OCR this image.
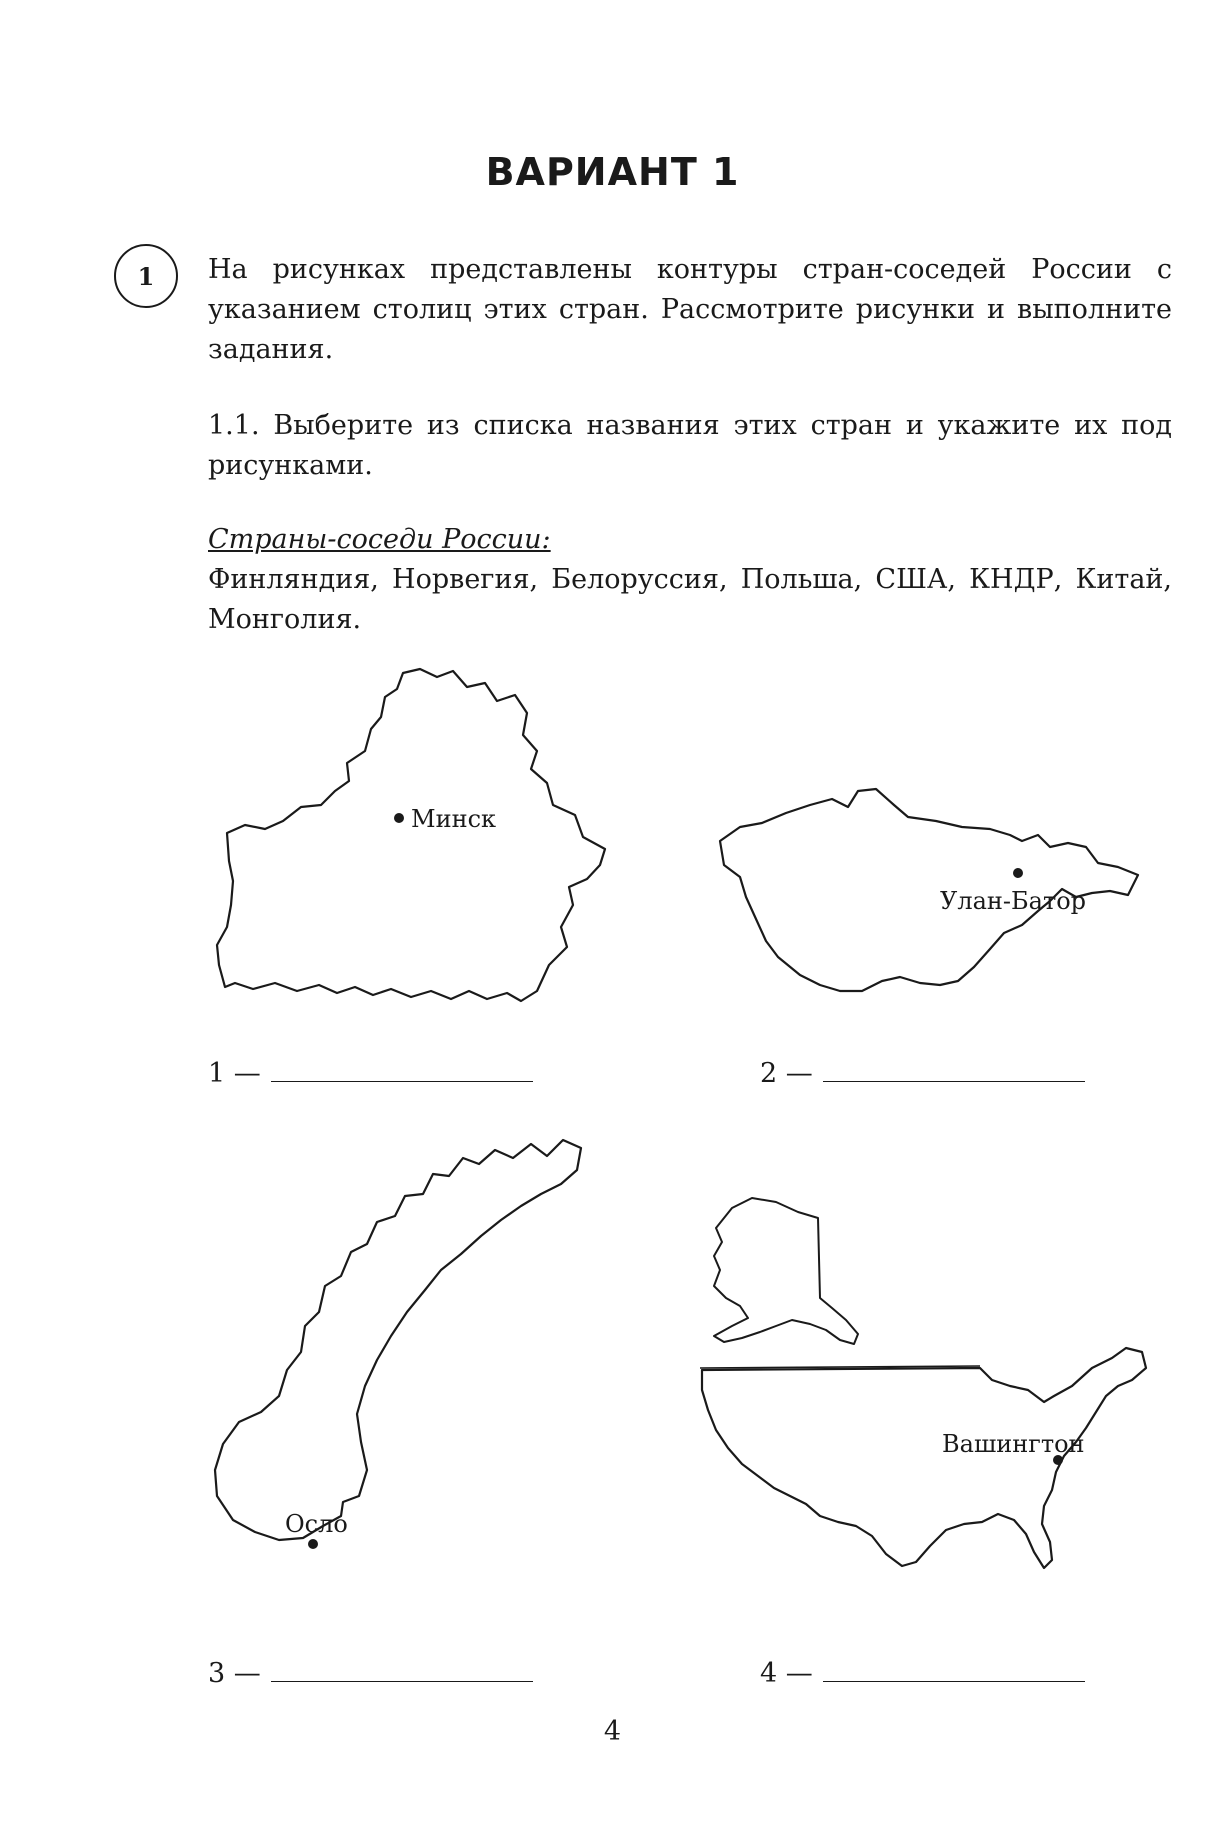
ВАРИАНТ 1
1	На рисунках представлены контуры стран-соседей России с указанием столиц этих стран. Рассмотрите рисунки и выполните задания.
1.1. Выберите из списка названия этих стран и укажите их под рисунками.
Страны-соседи России:
Финляндия, Норвегия, Белоруссия, Польша, США, КНДР, Китай, Монголия.
Минск
Улан-Батор
Осло
Вашингтон
1 —	2 —
3 —	4 —
4
